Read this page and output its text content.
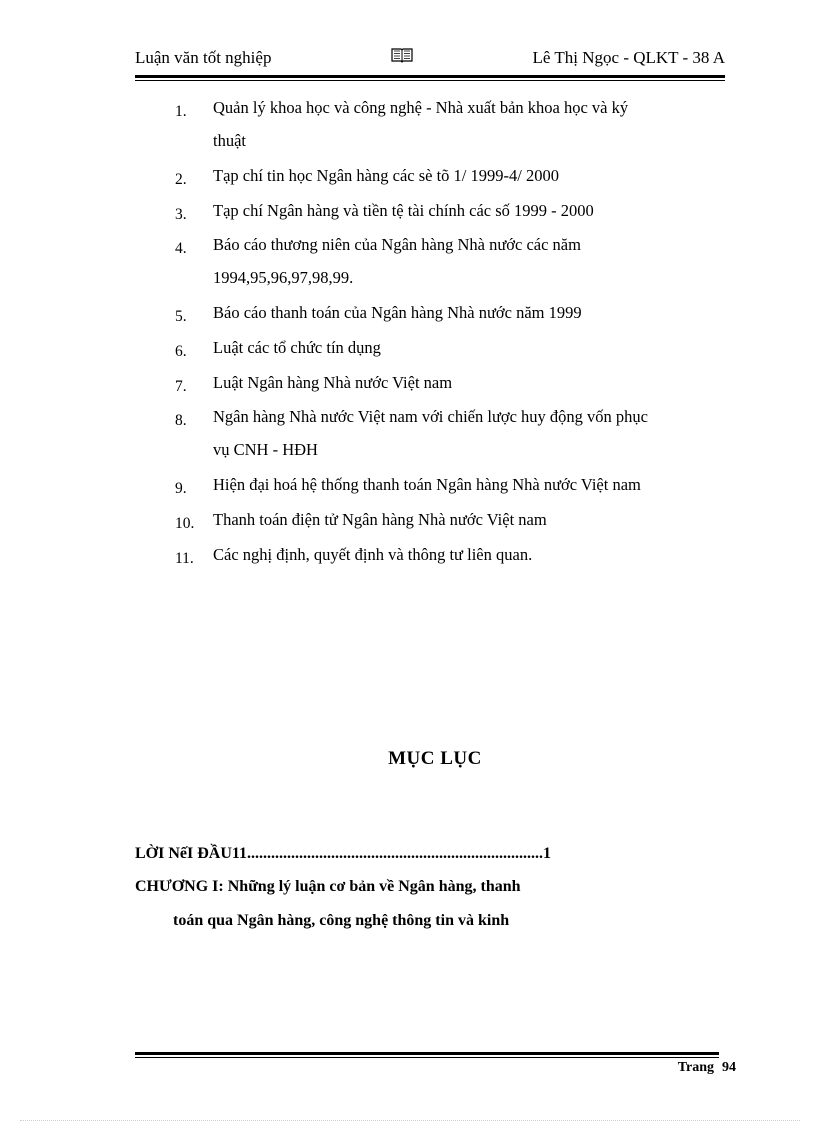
Luận văn tốt nghiệp	Lê Thị Ngọc - QLKT - 38 A
1. Quản lý khoa học và công nghệ - Nhà xuất bản khoa học và ký
thuật
2. Tạp chí tin học Ngân hàng các sè tõ 1/ 1999-4/ 2000
3. Tạp chí Ngân hàng và tiền tệ tài chính các số 1999 - 2000
4. Báo cáo thương niên của Ngân hàng Nhà nước các năm
1994,95,96,97,98,99.
5. Báo cáo thanh toán của Ngân hàng Nhà nước năm 1999
6. Luật các tổ chức tín dụng
7. Luật Ngân hàng Nhà nước Việt nam
8. Ngân hàng Nhà nước Việt nam với chiến lược huy động vốn phục
vụ CNH - HĐH
9. Hiện đại hoá hệ thống thanh toán Ngân hàng Nhà nước Việt nam
10. Thanh toán điện tử Ngân hàng Nhà nước Việt nam
11. Các nghị định, quyết định và thông tư liên quan.
MỤC LỤC
LỜI NếI ĐẦU11..........................................................................1
CHƯƠNG I: Những lý luận cơ bản về Ngân hàng, thanh
toán qua Ngân hàng, công nghệ thông tin và kinh
Trang 94
